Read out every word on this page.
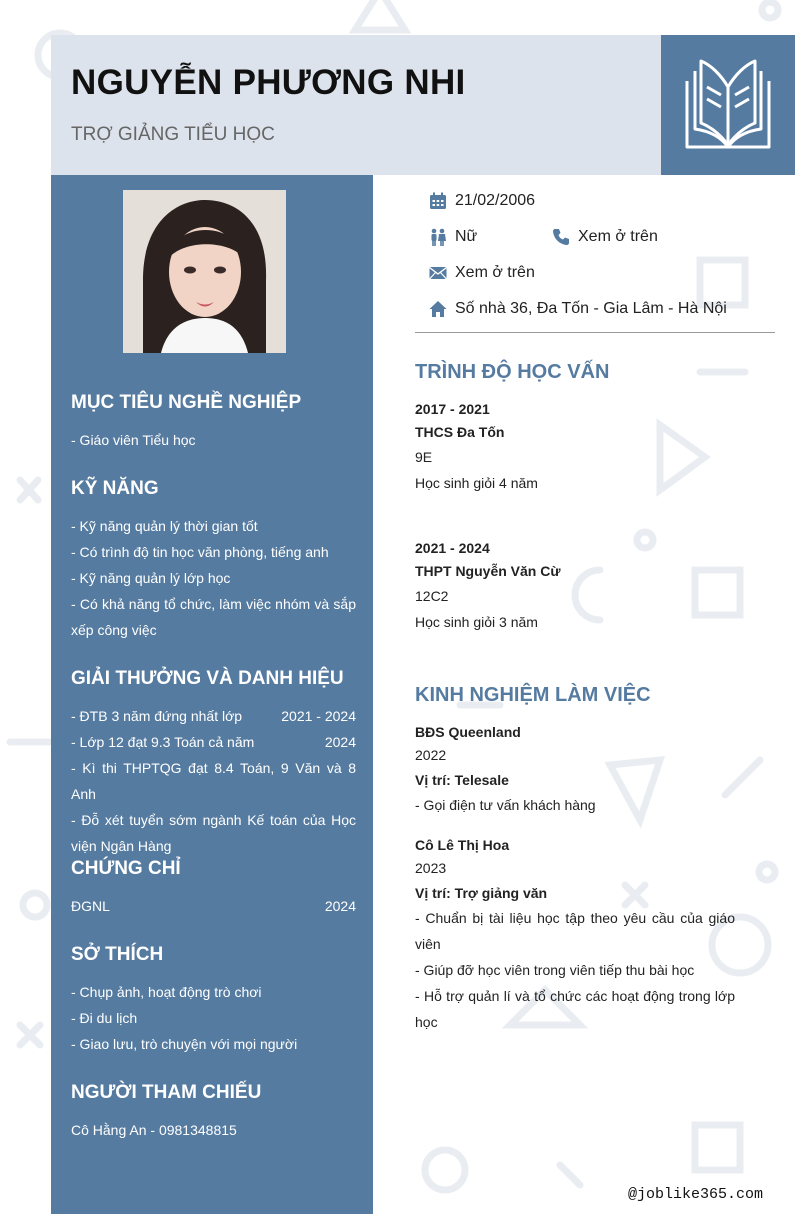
NGUYỄN PHƯƠNG NHI
TRỢ GIẢNG TIỂU HỌC
MỤC TIÊU NGHỀ NGHIỆP
- Giáo viên Tiểu học
KỸ NĂNG
- Kỹ năng quản lý thời gian tốt
- Có trình độ tin học văn phòng, tiếng anh
- Kỹ năng quản lý lớp học
- Có khả năng tổ chức, làm việc nhóm và sắp xếp công việc
GIẢI THƯỞNG VÀ DANH HIỆU
- ĐTB 3 năm đứng nhất lớp	2021 - 2024
- Lớp 12 đạt 9.3 Toán cả năm	2024
- Kì thi THPTQG đạt 8.4 Toán, 9 Văn và 8 Anh
- Đỗ xét tuyển sớm ngành Kế toán của Học viện Ngân Hàng
CHỨNG CHỈ
ĐGNL	2024
SỞ THÍCH
- Chụp ảnh, hoạt động trò chơi
- Đi du lịch
- Giao lưu, trò chuyện với mọi người
NGƯỜI THAM CHIẾU
Cô Hằng An - 0981348815
21/02/2006
Nữ	Xem ở trên
Xem ở trên
Số nhà 36, Đa Tốn - Gia Lâm - Hà Nội
TRÌNH ĐỘ HỌC VẤN
2017 - 2021
THCS Đa Tốn
9E
Học sinh giỏi 4 năm
2021 - 2024
THPT Nguyễn Văn Cừ
12C2
Học sinh giỏi 3 năm
KINH NGHIỆM LÀM VIỆC
BĐS Queenland
2022
Vị trí: Telesale
- Gọi điện tư vấn khách hàng
Cô Lê Thị Hoa
2023
Vị trí: Trợ giảng văn
- Chuẩn bị tài liệu học tập theo yêu cầu của giáo viên
- Giúp đỡ học viên trong viên tiếp thu bài học
- Hỗ trợ quản lí và tổ chức các hoạt động trong lớp học
@joblike365.com
